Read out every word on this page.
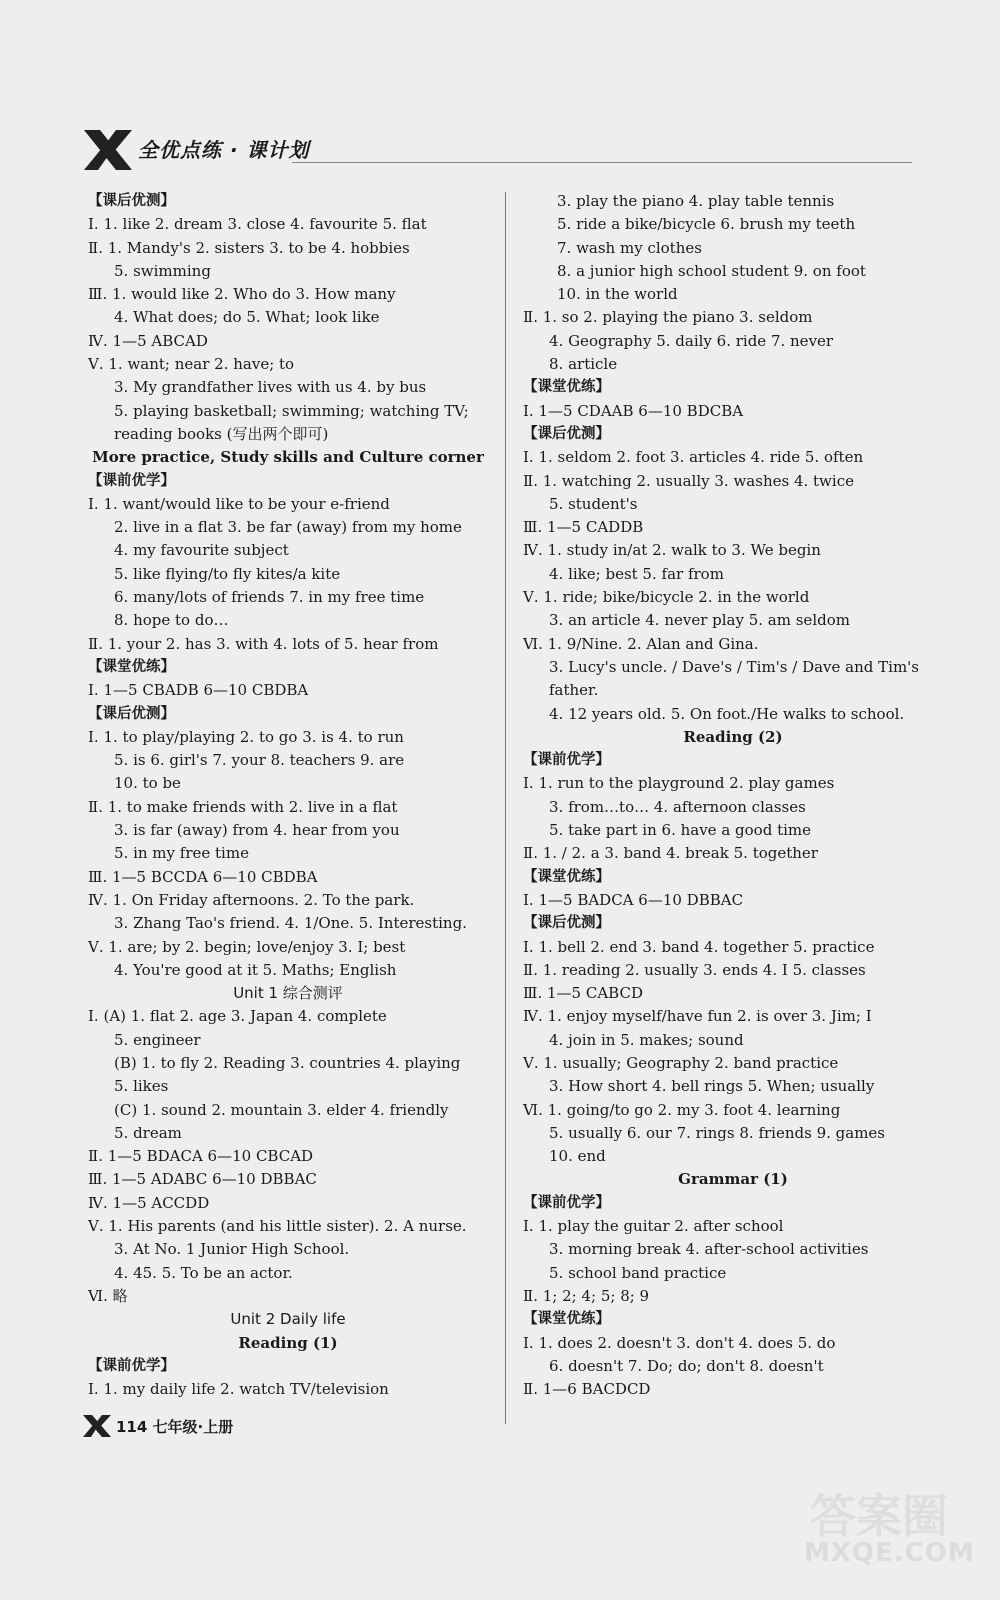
全优点练 · 课计划
【课后优测】
Ⅰ. 1. like 2. dream 3. close 4. favourite 5. flat
Ⅱ. 1. Mandy's 2. sisters 3. to be 4. hobbies
5. swimming
Ⅲ. 1. would like 2. Who do 3. How many
4. What does; do 5. What; look like
Ⅳ. 1—5 ABCAD
Ⅴ. 1. want; near 2. have; to
3. My grandfather lives with us 4. by bus
5. playing basketball; swimming; watching TV;
reading books (写出两个即可)
More practice, Study skills and Culture corner
【课前优学】
Ⅰ. 1. want/would like to be your e-friend
2. live in a flat 3. be far (away) from my home
4. my favourite subject
5. like flying/to fly kites/a kite
6. many/lots of friends 7. in my free time
8. hope to do…
Ⅱ. 1. your 2. has 3. with 4. lots of 5. hear from
【课堂优练】
Ⅰ. 1—5 CBADB 6—10 CBDBA
【课后优测】
Ⅰ. 1. to play/playing 2. to go 3. is 4. to run
5. is 6. girl's 7. your 8. teachers 9. are
10. to be
Ⅱ. 1. to make friends with 2. live in a flat
3. is far (away) from 4. hear from you
5. in my free time
Ⅲ. 1—5 BCCDA 6—10 CBDBA
Ⅳ. 1. On Friday afternoons. 2. To the park.
3. Zhang Tao's friend. 4. 1/One. 5. Interesting.
Ⅴ. 1. are; by 2. begin; love/enjoy 3. I; best
4. You're good at it 5. Maths; English
Unit 1 综合测评
Ⅰ. (A) 1. flat 2. age 3. Japan 4. complete
5. engineer
(B) 1. to fly 2. Reading 3. countries 4. playing
5. likes
(C) 1. sound 2. mountain 3. elder 4. friendly
5. dream
Ⅱ. 1—5 BDACA 6—10 CBCAD
Ⅲ. 1—5 ADABC 6—10 DBBAC
Ⅳ. 1—5 ACCDD
Ⅴ. 1. His parents (and his little sister). 2. A nurse.
3. At No. 1 Junior High School.
4. 45. 5. To be an actor.
Ⅵ. 略
Unit 2 Daily life
Reading (1)
【课前优学】
Ⅰ. 1. my daily life 2. watch TV/television
3. play the piano 4. play table tennis
5. ride a bike/bicycle 6. brush my teeth
7. wash my clothes
8. a junior high school student 9. on foot
10. in the world
Ⅱ. 1. so 2. playing the piano 3. seldom
4. Geography 5. daily 6. ride 7. never
8. article
【课堂优练】
Ⅰ. 1—5 CDAAB 6—10 BDCBA
【课后优测】
Ⅰ. 1. seldom 2. foot 3. articles 4. ride 5. often
Ⅱ. 1. watching 2. usually 3. washes 4. twice
5. student's
Ⅲ. 1—5 CADDB
Ⅳ. 1. study in/at 2. walk to 3. We begin
4. like; best 5. far from
Ⅴ. 1. ride; bike/bicycle 2. in the world
3. an article 4. never play 5. am seldom
Ⅵ. 1. 9/Nine. 2. Alan and Gina.
3. Lucy's uncle. / Dave's / Tim's / Dave and Tim's
father.
4. 12 years old. 5. On foot./He walks to school.
Reading (2)
【课前优学】
Ⅰ. 1. run to the playground 2. play games
3. from…to… 4. afternoon classes
5. take part in 6. have a good time
Ⅱ. 1. / 2. a 3. band 4. break 5. together
【课堂优练】
Ⅰ. 1—5 BADCA 6—10 DBBAC
【课后优测】
Ⅰ. 1. bell 2. end 3. band 4. together 5. practice
Ⅱ. 1. reading 2. usually 3. ends 4. I 5. classes
Ⅲ. 1—5 CABCD
Ⅳ. 1. enjoy myself/have fun 2. is over 3. Jim; I
4. join in 5. makes; sound
Ⅴ. 1. usually; Geography 2. band practice
3. How short 4. bell rings 5. When; usually
Ⅵ. 1. going/to go 2. my 3. foot 4. learning
5. usually 6. our 7. rings 8. friends 9. games
10. end
Grammar (1)
【课前优学】
Ⅰ. 1. play the guitar 2. after school
3. morning break 4. after-school activities
5. school band practice
Ⅱ. 1; 2; 4; 5; 8; 9
【课堂优练】
Ⅰ. 1. does 2. doesn't 3. don't 4. does 5. do
6. doesn't 7. Do; do; don't 8. doesn't
Ⅱ. 1—6 BACDCD
114 七年级·上册
答案圈
MXQE.COM
